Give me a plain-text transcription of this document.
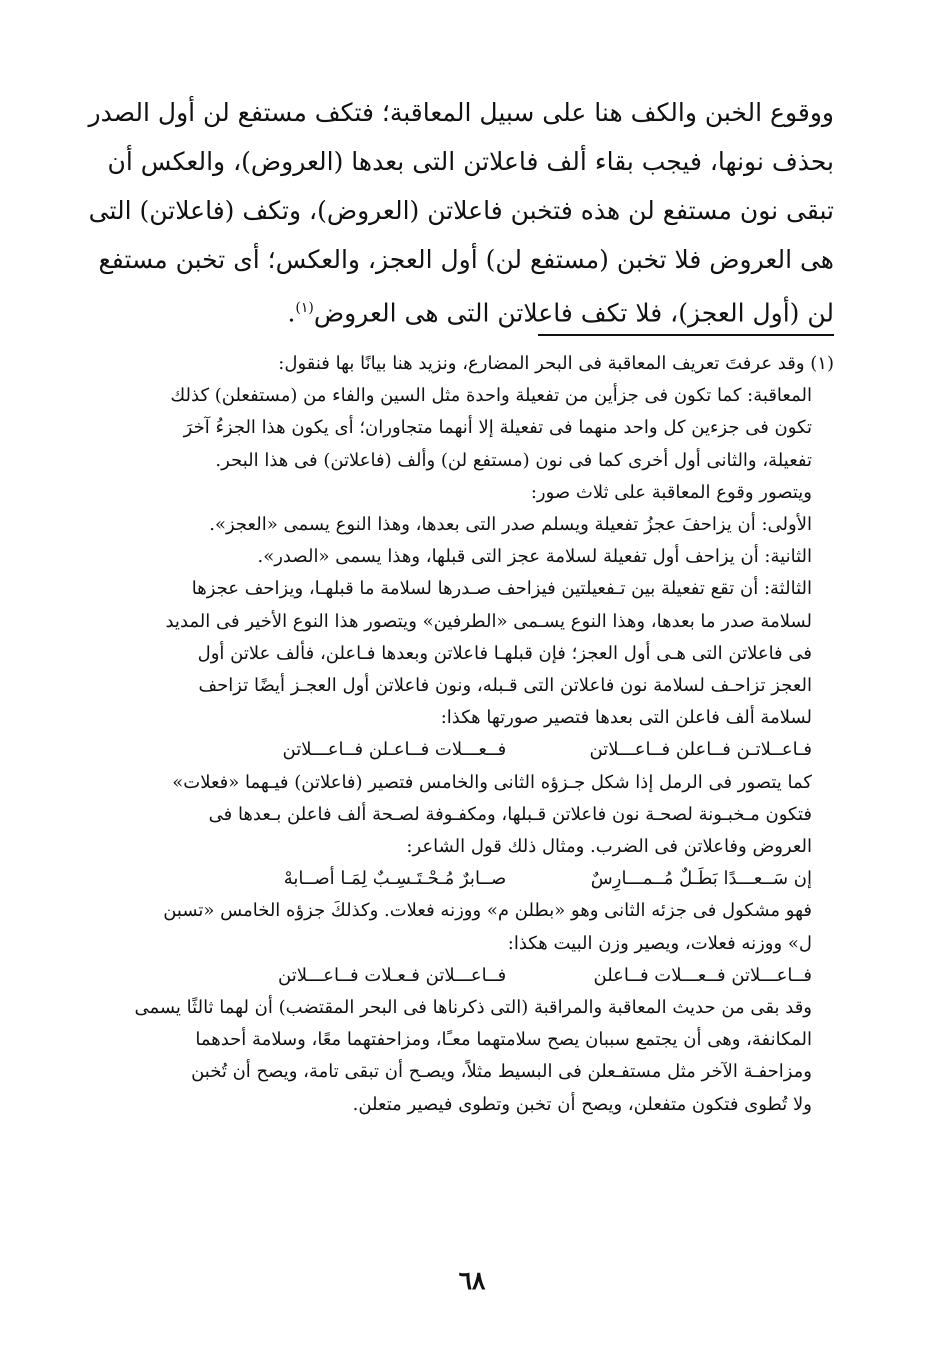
ووقوع الخبن والكف هنا على سبيل المعاقبة؛ فتكف مستفع لن أول الصدر

بحذف نونها، فيجب بقاء ألف فاعلاتن التى بعدها (العروض)، والعكس أن

تبقى نون مستفع لن هذه فتخبن فاعلاتن (العروض)، وتكف (فاعلاتن) التى

هى العروض فلا تخبن (مستفع لن) أول العجز، والعكس؛ أى تخبن مستفع

لن (أول العجز)، فلا تكف فاعلاتن التى هى العروض$^{(١)}$.

(١) وقد عرفتَ تعريف المعاقبة فى البحر المضارع، ونزيد هنا بيانًا بها فنقول:
المعاقبة: كما تكون فى جزأين من تفعيلة واحدة مثل السين والفاء من (مستفعلن) كذلك
تكون فى جزءين كل واحد منهما فى تفعيلة إلا أنهما متجاوران؛ أى يكون هذا الجزءُ آخرَ
تفعيلة، والثانى أول أخرى كما فى نون (مستفع لن) وألف (فاعلاتن) فى هذا البحر.
ويتصور وقوع المعاقبة على ثلاث صور:
الأولى: أن يزاحفَ عجزُ تفعيلة ويسلم صدر التى بعدها، وهذا النوع يسمى «العجز».
الثانية: أن يزاحف أول تفعيلة لسلامة عجز التى قبلها، وهذا يسمى «الصدر».
الثالثة: أن تقع تفعيلة بين تـفعيلتين فيزاحف صـدرها لسلامة ما قبلهـا، ويزاحف عجزها
لسلامة صدر ما بعدها، وهذا النوع يسـمى «الطرفين» ويتصور هذا النوع الأخير فى المديد
فى فاعلاتن التى هـى أول العجز؛ فإن قبلهـا فاعلاتن وبعدها فـاعلن، فألف علاتن أول
العجز تزاحـف لسلامة نون فاعلاتن التى قـبله، ونون فاعلاتن أول العجـز أيضًا تزاحف
لسلامة ألف فاعلن التى بعدها فتصير صورتها هكذا:
فـاعــلاتـن فــاعلن فــاعـــلاتن فــعـــلات فــاعـلن فــاعـــلاتن
كما يتصور فى الرمل إذا شكل جـزؤه الثانى والخامس فتصير (فاعلاتن) فيـهما «فعلات»
فتكون مـخبـونة لصحـة نون فاعلاتن قـبلها، ومكفـوفة لصـحة ألف فاعلن بـعدها فى
العروض وفاعلاتن فى الضرب. ومثال ذلك قول الشاعر:
إن سَــعـــدًا بَطَـلٌ مُــمـــارِسٌ صــابرٌ مُـحْـتَـسِـبٌ لِمَـا أصــابهْ
فهو مشكول فى جزئه الثانى وهو «بطلن م» ووزنه فعلات. وكذلكَ جزؤه الخامس «تسبن
ل» ووزنه فعلات، ويصير وزن البيت هكذا:
فــاعـــلاتن فــعـــلات فــاعلن فــاعـــلاتن فـعـلات فــاعـــلاتن
وقد بقى من حديث المعاقبة والمراقبة (التى ذكرناها فى البحر المقتضب) أن لهما ثالثًا يسمى
المكانفة، وهى أن يجتمع سببان يصح سلامتهما معـًا، ومزاحفتهما معًا، وسلامة أحدهما
ومزاحفـة الآخر مثل مستفـعلن فى البسيط مثلاً، ويصـح أن تبقى تامة، ويصح أن تُخبن
ولا تُطوى فتكون متفعلن، ويصح أن تخبن وتطوى فيصير متعلن.
٦٨
